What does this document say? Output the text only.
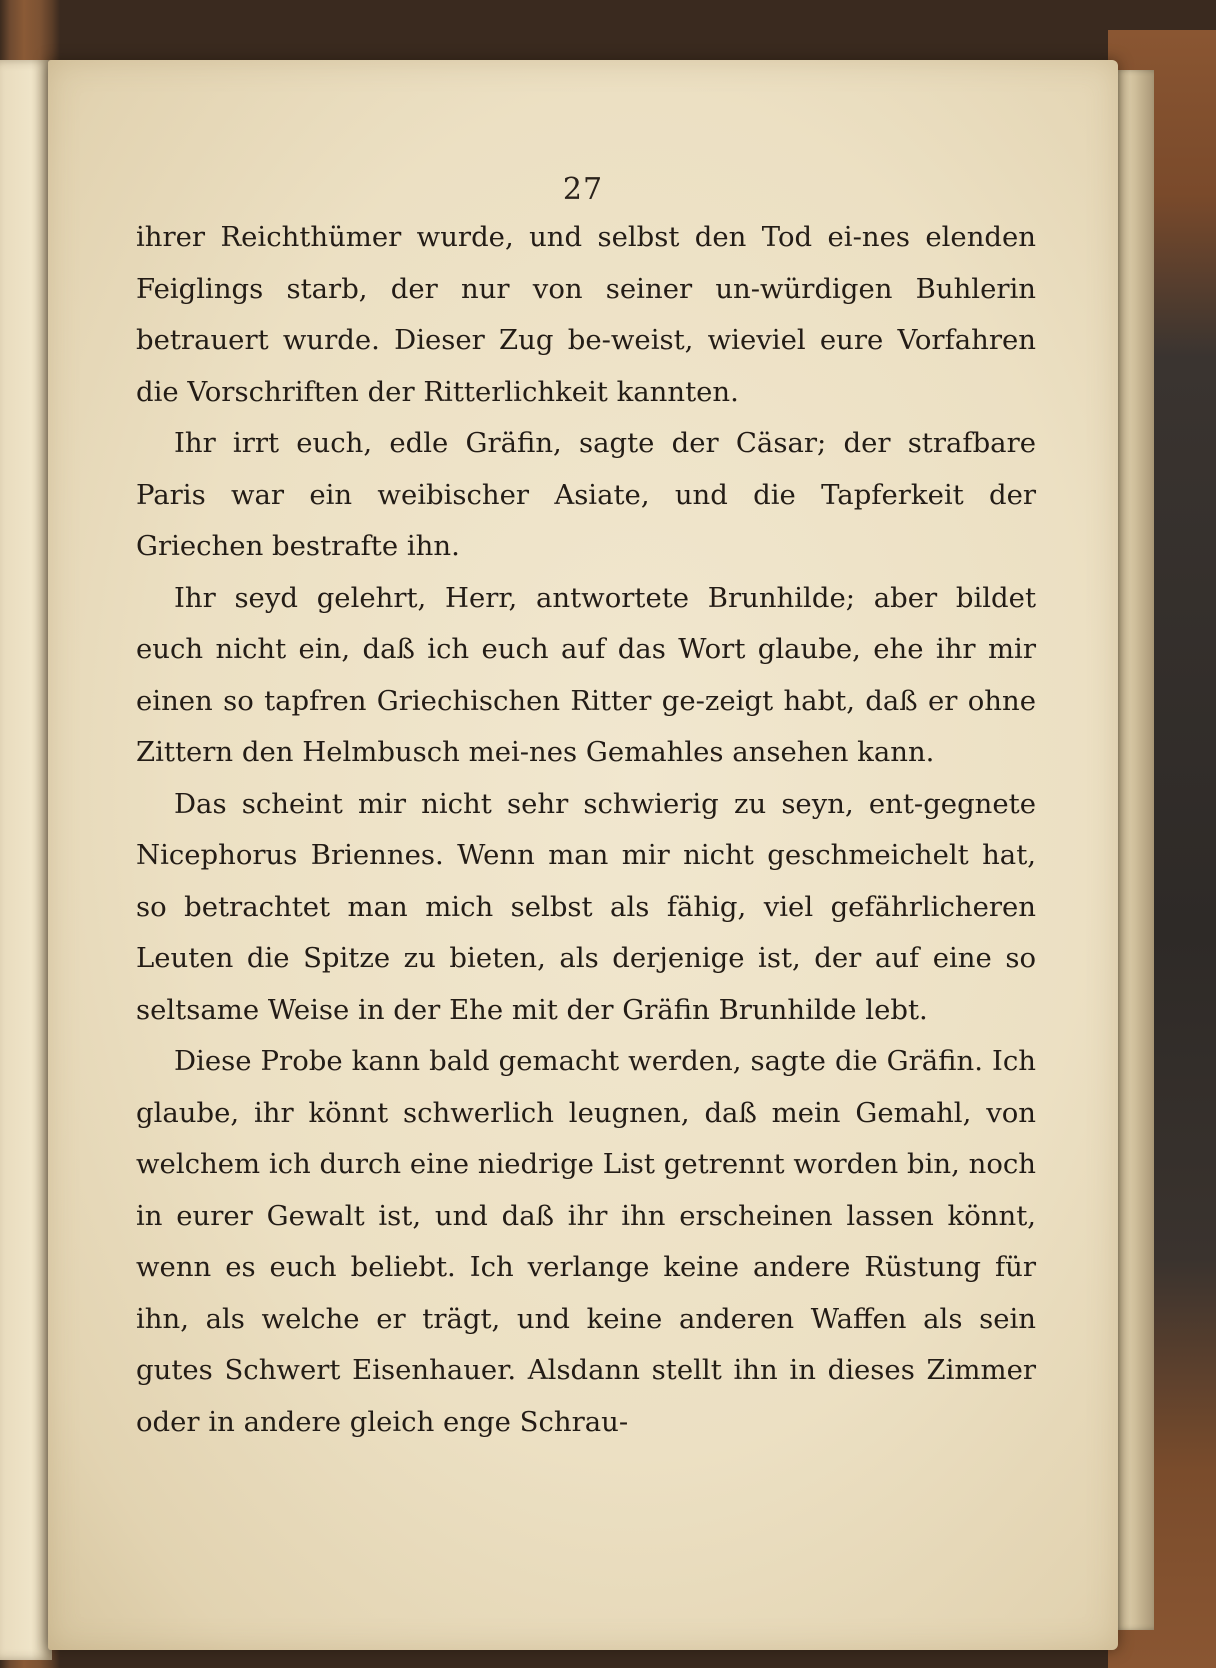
27

ihrer Reichthümer wurde, und selbst den Tod ei-nes elenden Feiglings starb, der nur von seiner un-würdigen Buhlerin betrauert wurde. Dieser Zug be-weist, wieviel eure Vorfahren die Vorschriften der Ritterlichkeit kannten.

Ihr irrt euch, edle Gräfin, sagte der Cäsar; der strafbare Paris war ein weibischer Asiate, und die Tapferkeit der Griechen bestrafte ihn.

Ihr seyd gelehrt, Herr, antwortete Brunhilde; aber bildet euch nicht ein, daß ich euch auf das Wort glaube, ehe ihr mir einen so tapfren Griechischen Ritter ge-zeigt habt, daß er ohne Zittern den Helmbusch mei-nes Gemahles ansehen kann.

Das scheint mir nicht sehr schwierig zu seyn, ent-gegnete Nicephorus Briennes. Wenn man mir nicht geschmeichelt hat, so betrachtet man mich selbst als fähig, viel gefährlicheren Leuten die Spitze zu bieten, als derjenige ist, der auf eine so seltsame Weise in der Ehe mit der Gräfin Brunhilde lebt.

Diese Probe kann bald gemacht werden, sagte die Gräfin. Ich glaube, ihr könnt schwerlich leugnen, daß mein Gemahl, von welchem ich durch eine niedrige List getrennt worden bin, noch in eurer Gewalt ist, und daß ihr ihn erscheinen lassen könnt, wenn es euch beliebt. Ich verlange keine andere Rüstung für ihn, als welche er trägt, und keine anderen Waffen als sein gutes Schwert Eisenhauer. Alsdann stellt ihn in dieses Zimmer oder in andere gleich enge Schrau-
